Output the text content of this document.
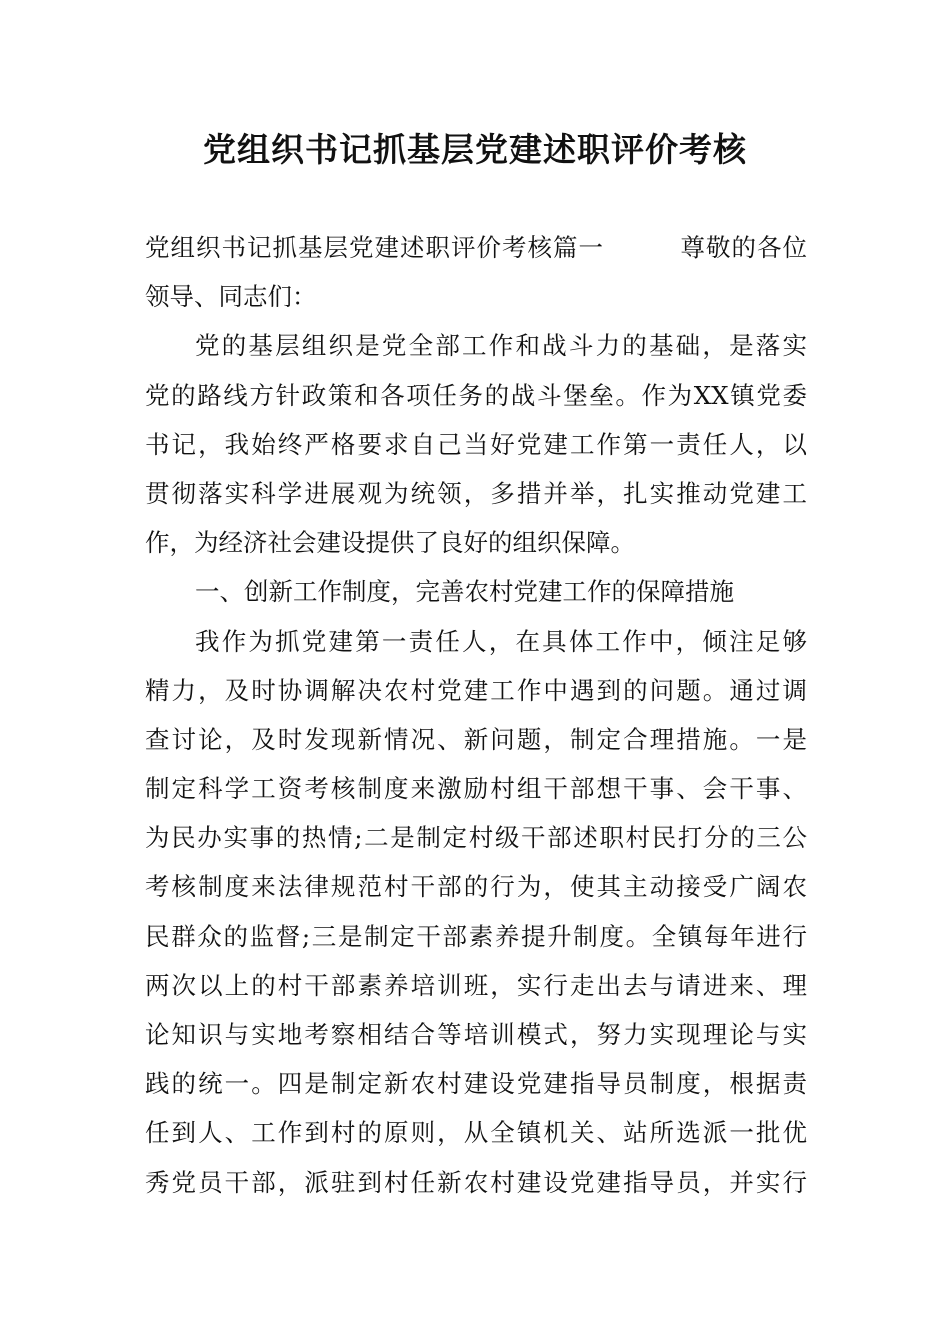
党组织书记抓基层党建述职评价考核
党组织书记抓基层党建述职评价考核篇一　　　尊敬的各位
领导、同志们：
党的基层组织是党全部工作和战斗力的基础，是落实
党的路线方针政策和各项任务的战斗堡垒。作为XX镇党委
书记，我始终严格要求自己当好党建工作第一责任人，以
贯彻落实科学进展观为统领，多措并举，扎实推动党建工
作，为经济社会建设提供了良好的组织保障。
一、创新工作制度，完善农村党建工作的保障措施
我作为抓党建第一责任人，在具体工作中，倾注足够
精力，及时协调解决农村党建工作中遇到的问题。通过调
查讨论，及时发现新情况、新问题，制定合理措施。一是
制定科学工资考核制度来激励村组干部想干事、会干事、
为民办实事的热情;二是制定村级干部述职村民打分的三公
考核制度来法律规范村干部的行为，使其主动接受广阔农
民群众的监督;三是制定干部素养提升制度。全镇每年进行
两次以上的村干部素养培训班，实行走出去与请进来、理
论知识与实地考察相结合等培训模式，努力实现理论与实
践的统一。四是制定新农村建设党建指导员制度，根据责
任到人、工作到村的原则，从全镇机关、站所选派一批优
秀党员干部，派驻到村任新农村建设党建指导员，并实行
